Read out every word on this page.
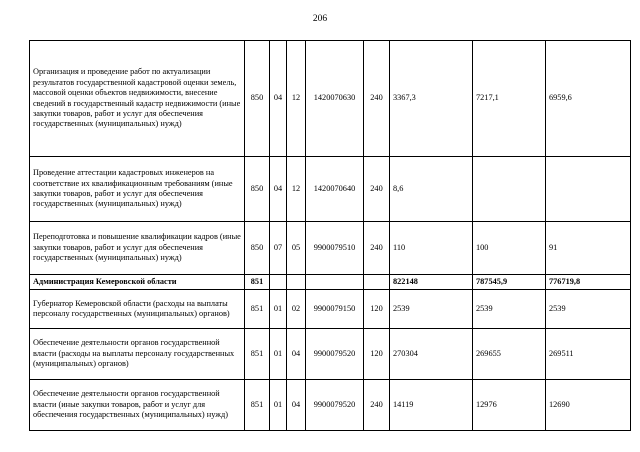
206
Организация и проведение работ по актуализации результатов государственной кадастровой оценки земель, массовой оценки объектов недвижимости, внесение сведений в государственный кадастр недвижимости (иные закупки товаров, работ и услуг для обеспечения государственных (муниципальных) нужд)	850	04	12	1420070630	240	3367,3	7217,1	6959,6
Проведение аттестации кадастровых инженеров на соответствие их квалификационным требованиям (иные закупки товаров, работ и услуг для обеспечения государственных (муниципальных) нужд)	850	04	12	1420070640	240	8,6		
Переподготовка и повышение квалификации кадров (иные закупки товаров, работ и услуг для обеспечения государственных (муниципальных) нужд)	850	07	05	9900079510	240	110	100	91
Администрация Кемеровской области	851					822148	787545,9	776719,8
Губернатор Кемеровской области (расходы на выплаты персоналу государственных (муниципальных) органов)	851	01	02	9900079150	120	2539	2539	2539
Обеспечение деятельности органов государственной власти (расходы на выплаты персоналу государственных (муниципальных) органов)	851	01	04	9900079520	120	270304	269655	269511
Обеспечение деятельности органов государственной власти (иные закупки товаров, работ и услуг для обеспечения государственных (муниципальных) нужд)	851	01	04	9900079520	240	14119	12976	12690
